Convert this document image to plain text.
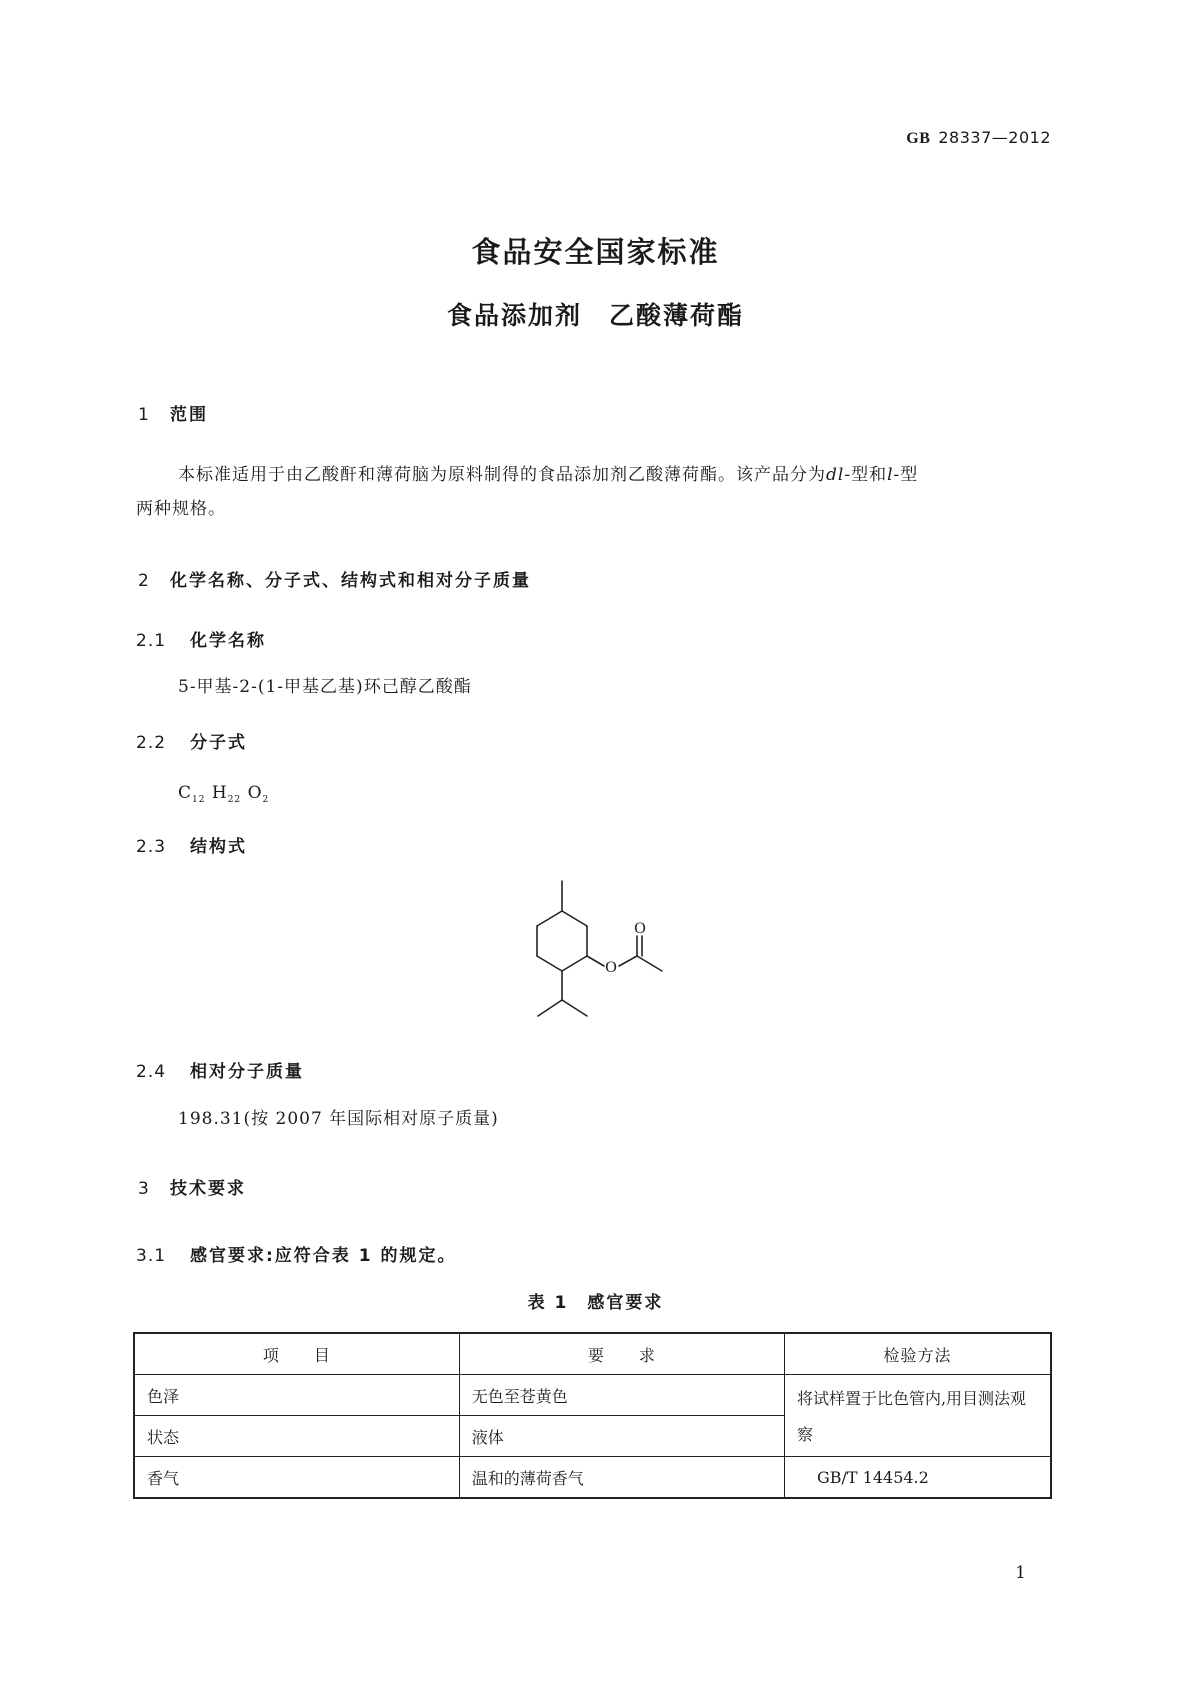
GB 28337—2012
食品安全国家标准
食品添加剂　乙酸薄荷酯
1 范围
本标准适用于由乙酸酐和薄荷脑为原料制得的食品添加剂乙酸薄荷酯。该产品分为dl-型和l-型
两种规格。
2 化学名称、分子式、结构式和相对分子质量
2.1 化学名称
5-甲基-2-(1-甲基乙基)环己醇乙酸酯
2.2 分子式
$C_{12}$ $H_{22}$ $O_2$
2.3 结构式
O
O
2.4 相对分子质量
198.31(按 2007 年国际相对原子质量)
3 技术要求
3.1 感官要求:应符合表 1 的规定。
表 1　感官要求
项　　目	要　　求	检验方法
色泽	无色至苍黄色	将试样置于比色管内,用目测法观察
状态	液体	
香气	温和的薄荷香气	GB/T 14454.2
1
